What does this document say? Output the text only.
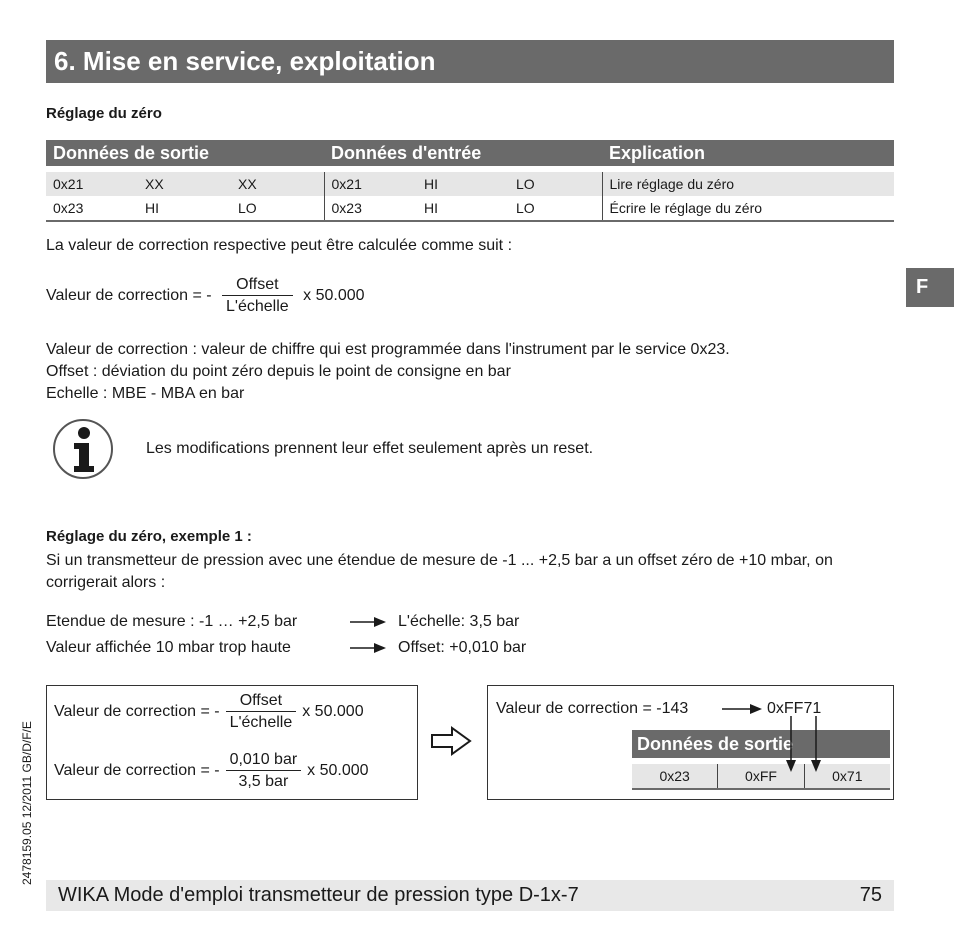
6. Mise en service, exploitation
Réglage du zéro
Données de sortie			Données d'entrée			Explication
0x21	XX	XX	0x21	HI	LO	Lire réglage du zéro
0x23	HI	LO	0x23	HI	LO	Écrire le réglage du zéro
La valeur de correction respective peut être calculée comme suit :
Valeur de correction = - $\frac{\text{Offset}}{\text{L'échelle}}$ x 50.000
Valeur de correction : valeur de chiffre qui est programmée dans l'instrument par le service 0x23.
Offset : déviation du point zéro depuis le point de consigne en bar
Echelle : MBE - MBA en bar
Les modifications prennent leur effet seulement après un reset.
F
Réglage du zéro, exemple 1 :
Si un transmetteur de pression avec une étendue de mesure de -1 ... +2,5 bar a un offset zéro de +10 mbar, on corrigerait alors :
Etendue de mesure : -1 … +2,5 bar	L'échelle: 3,5 bar
Valeur affichée 10 mbar trop haute	Offset: +0,010 bar
Valeur de correction = - $\frac{\text{Offset}}{\text{L'échelle}}$ x 50.000
Valeur de correction = - $\frac{\text{0,010 bar}}{\text{3,5 bar}}$ x 50.000
Valeur de correction = -143	0xFF71
Données de sortie
0x23	0xFF	0x71
2478159.05 12/2011 GB/D/F/E
WIKA Mode d'emploi transmetteur de pression type D-1x-7	75
